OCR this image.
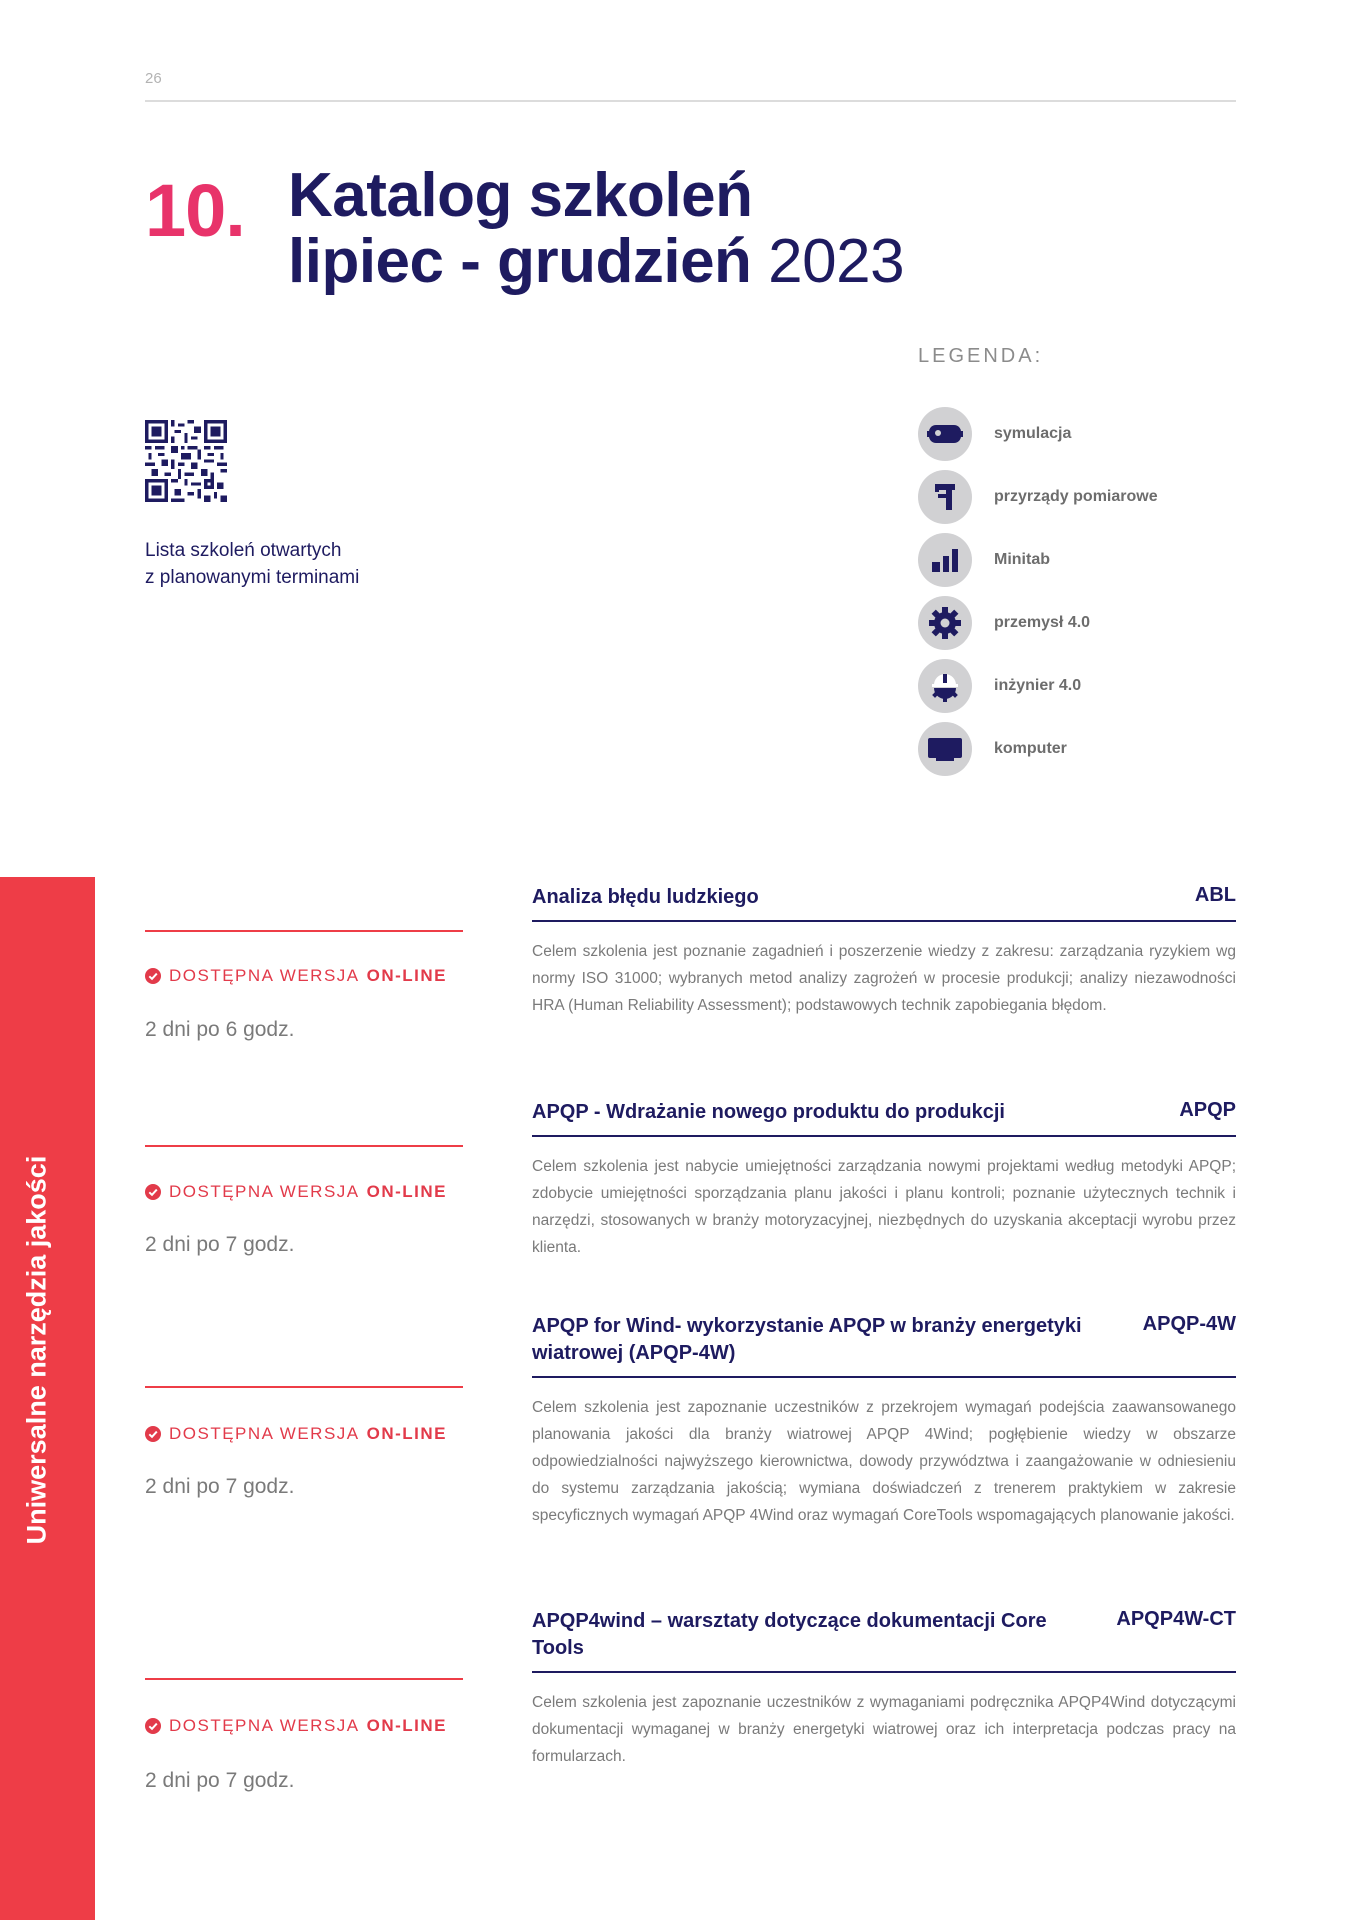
26
10. Katalog szkoleń
lipiec - grudzień 2023
Lista szkoleń otwartych
z planowanymi terminami
LEGENDA:
symulacja
przyrządy pomiarowe
Minitab
przemysł 4.0
inżynier 4.0
komputer
Uniwersalne narzędzia jakości
Analiza błędu ludzkiego	ABL
Celem szkolenia jest poznanie zagadnień i poszerzenie wiedzy z zakresu: zarządzania ryzykiem wg normy ISO 31000; wybranych metod analizy zagrożeń w procesie produkcji; analizy niezawodności HRA (Human Reliability Assessment); podstawowych technik zapobiegania błędom.
DOSTĘPNA WERSJA ON-LINE
2 dni po 6 godz.
APQP - Wdrażanie nowego produktu do produkcji	APQP
Celem szkolenia jest nabycie umiejętności zarządzania nowymi projektami według metodyki APQP; zdobycie umiejętności sporządzania planu jakości i planu kontroli; poznanie użytecznych technik i narzędzi, stosowanych w branży motoryzacyjnej, niezbędnych do uzyskania akceptacji wyrobu przez klienta.
DOSTĘPNA WERSJA ON-LINE
2 dni po 7 godz.
APQP for Wind- wykorzystanie APQP w branży energetyki wiatrowej (APQP-4W)
APQP-4W
Celem szkolenia jest zapoznanie uczestników z przekrojem wymagań podejścia zaawansowanego planowania jakości dla branży wiatrowej APQP 4Wind; pogłębienie wiedzy w obszarze odpowiedzialności najwyższego kierownictwa, dowody przywództwa i zaangażowanie w odniesieniu do systemu zarządzania jakością; wymiana doświadczeń z trenerem praktykiem w zakresie specyficznych wymagań APQP 4Wind oraz wymagań CoreTools wspomagających planowanie jakości.
DOSTĘPNA WERSJA ON-LINE
2 dni po 7 godz.
APQP4wind – warsztaty dotyczące dokumentacji Core Tools
APQP4W-CT
Celem szkolenia jest zapoznanie uczestników z wymaganiami podręcznika APQP4Wind dotyczącymi dokumentacji wymaganej w branży energetyki wiatrowej oraz ich interpretacja podczas pracy na formularzach.
DOSTĘPNA WERSJA ON-LINE
2 dni po 7 godz.
